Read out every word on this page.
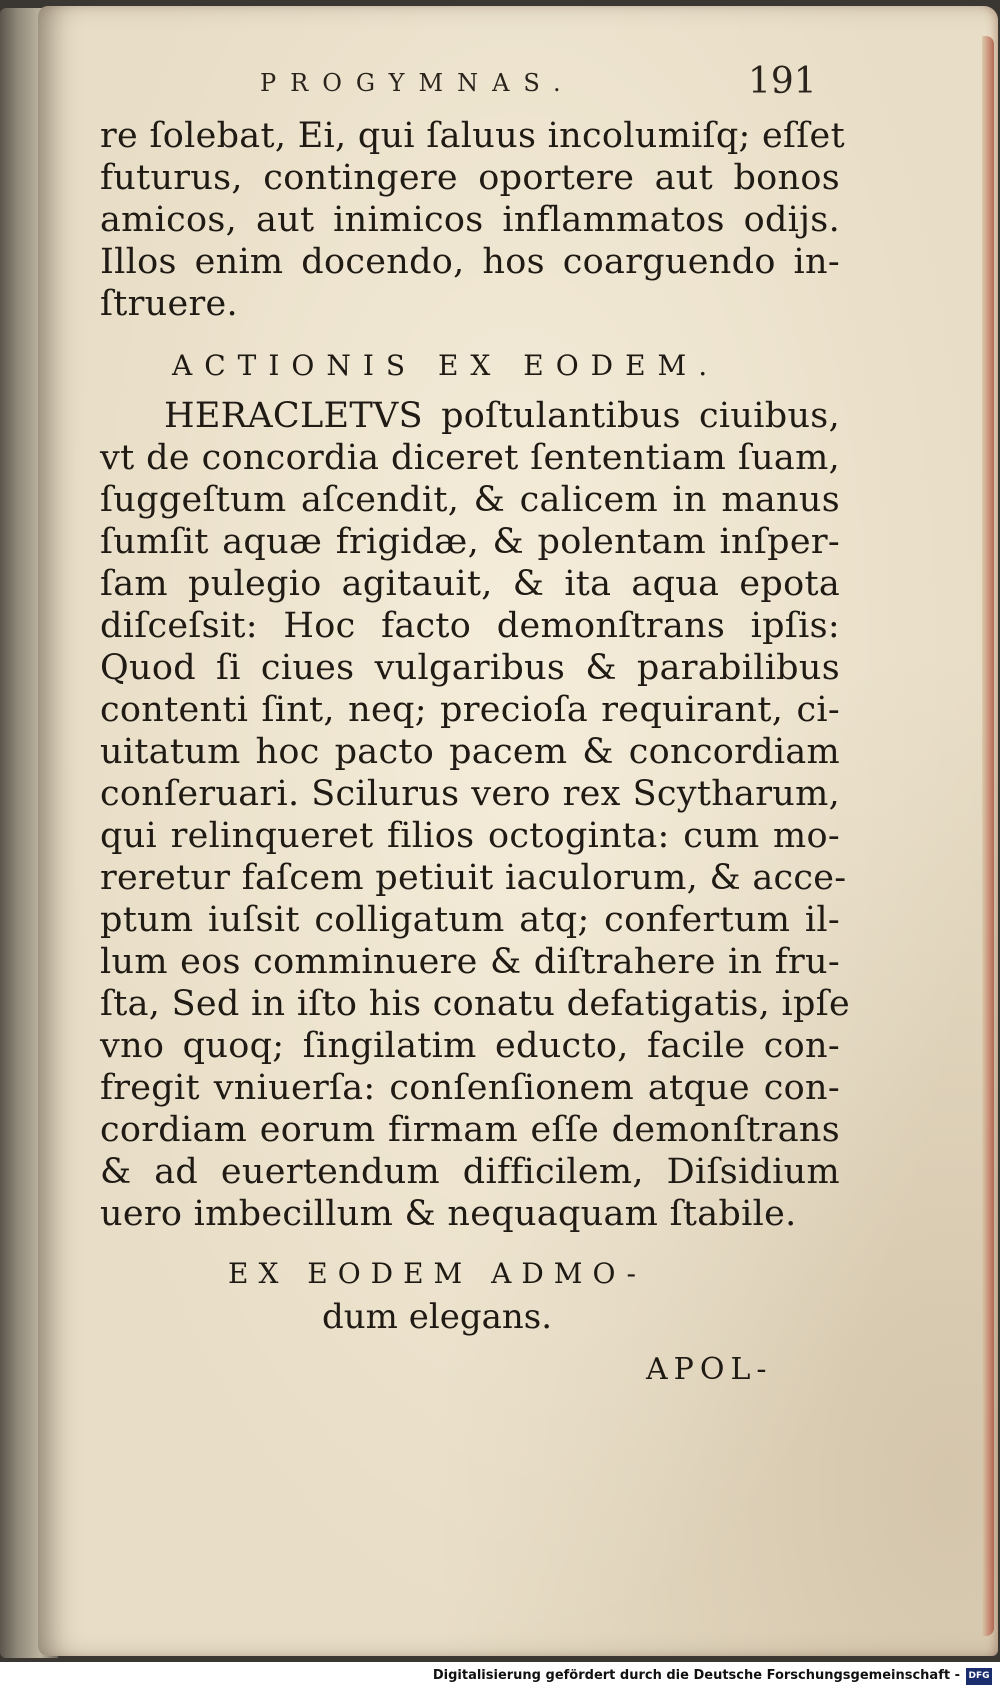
PROGYMNAS.	191
re ſolebat, Ei, qui ſaluus incolumiſq; eſſet
futurus, contingere oportere aut bonos
amicos, aut inimicos inflammatos odijs.
Illos enim docendo, hos coarguendo in-
ſtruere.
ACTIONIS EX EODEM.
HERACLETVS poſtulantibus ciuibus,
vt de concordia diceret ſententiam ſuam,
ſuggeſtum aſcendit, & calicem in manus
ſumſit aquæ frigidæ, & polentam inſper-
ſam pulegio agitauit, & ita aqua epota
diſceſsit: Hoc facto demonſtrans ipſis:
Quod ſi ciues vulgaribus & parabilibus
contenti ſint, neq; precioſa requirant, ci-
uitatum hoc pacto pacem & concordiam
conſeruari. Scilurus vero rex Scytharum,
qui relinqueret filios octoginta: cum mo-
reretur faſcem petiuit iaculorum, & acce-
ptum iuſsit colligatum atq; confertum il-
lum eos comminuere & diſtrahere in fru-
ſta, Sed in iſto his conatu defatigatis, ipſe
vno quoq; ſingilatim educto, facile con-
fregit vniuerſa: conſenſionem atque con-
cordiam eorum firmam eſſe demonſtrans
& ad euertendum difficilem, Diſsidium
uero imbecillum & nequaquam ſtabile.
EX EODEM ADMO-
dum elegans.
APOL-
Digitalisierung gefördert durch die Deutsche Forschungsgemeinschaft - DFG
